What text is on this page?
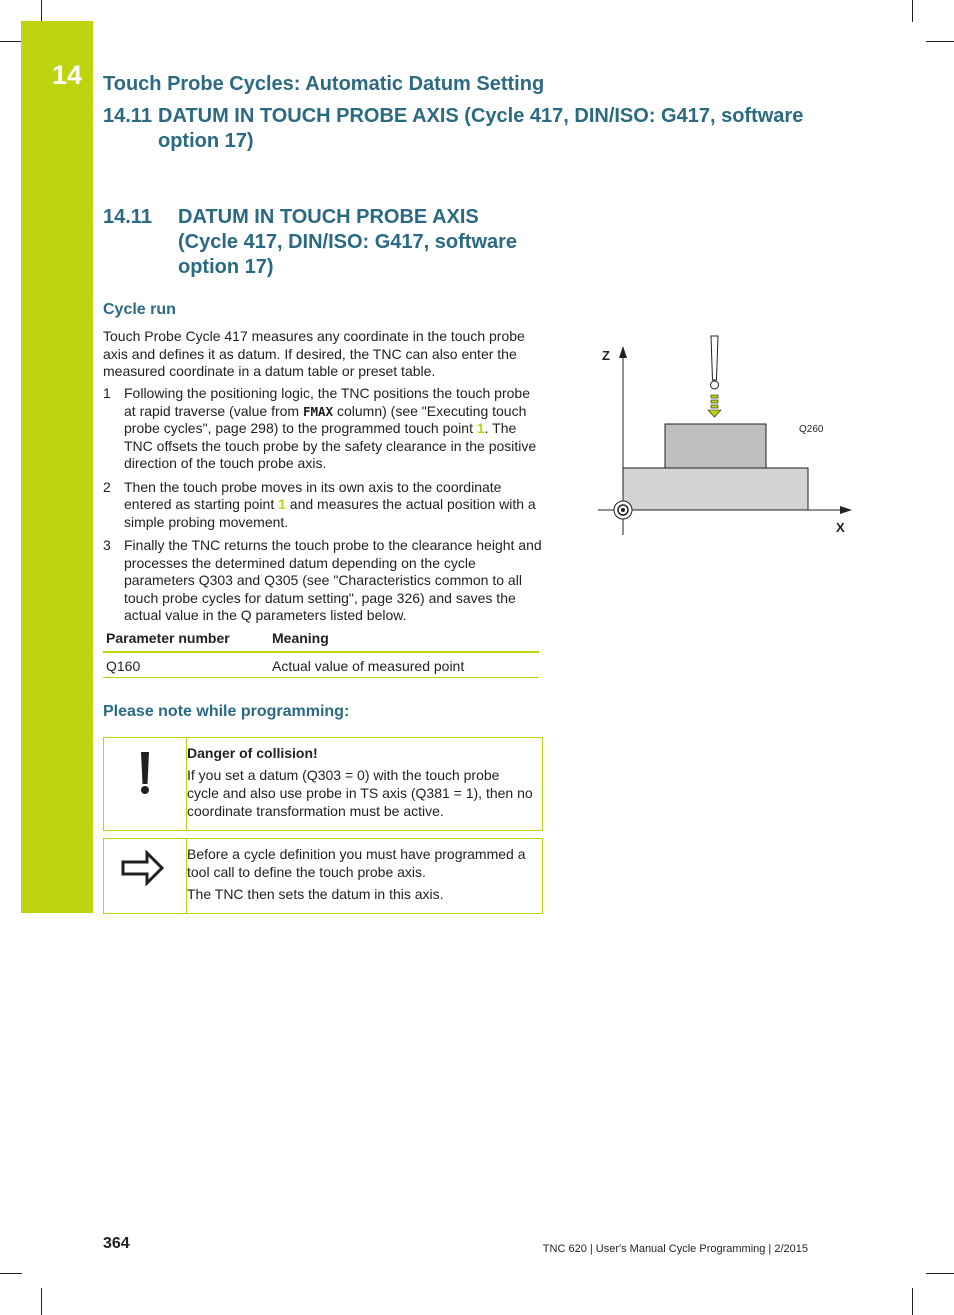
14 Touch Probe Cycles: Automatic Datum Setting
14.11 DATUM IN TOUCH PROBE AXIS (Cycle 417, DIN/ISO: G417, software

option 17)
14.11 DATUM IN TOUCH PROBE AXIS
(Cycle 417, DIN/ISO: G417, software
option 17)
Cycle run
Touch Probe Cycle 417 measures any coordinate in the touch probe axis and defines it as datum. If desired, the TNC can also enter the measured coordinate in a datum table or preset table.
1 Following the positioning logic, the TNC positions the touch probe at rapid traverse (value from FMAX column) (see "Executing touch probe cycles", page 298) to the programmed touch point 1. The TNC offsets the touch probe by the safety clearance in the positive direction of the touch probe axis.
2 Then the touch probe moves in its own axis to the coordinate entered as starting point 1 and measures the actual position with a simple probing movement.
3 Finally the TNC returns the touch probe to the clearance height and processes the determined datum depending on the cycle parameters Q303 and Q305 (see "Characteristics common to all touch probe cycles for datum setting", page 326) and saves the actual value in the Q parameters listed below.
Parameter number	Meaning
Q160	Actual value of measured point
Please note while programming:

Danger of collision!

If you set a datum (Q303 = 0) with the touch probe cycle and also use probe in TS axis (Q381 = 1), then no coordinate transformation must be active.

Before a cycle definition you must have programmed a tool call to define the touch probe axis.

The TNC then sets the datum in this axis.

Z
X
Q260
364	TNC 620 | User's Manual Cycle Programming | 2/2015
